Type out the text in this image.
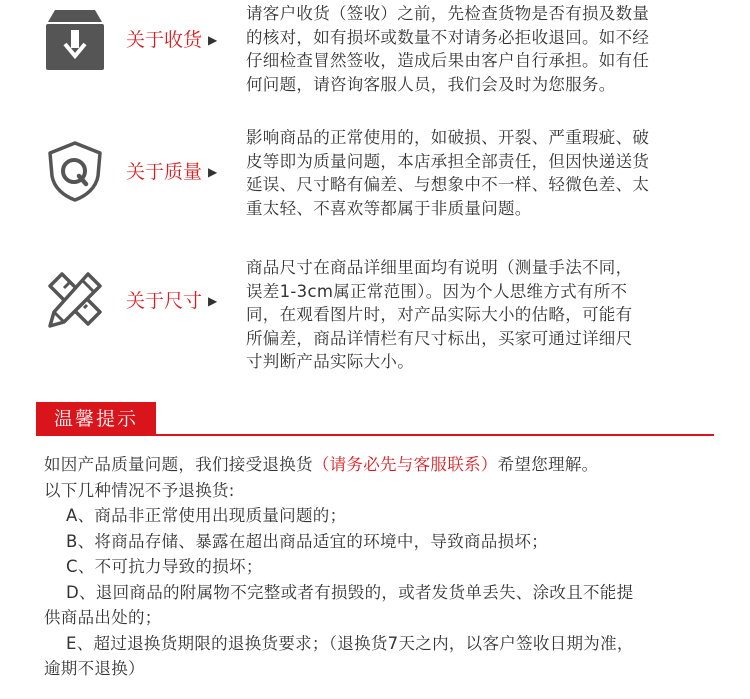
关于收货 ▶
请客户收货（签收）之前，先检查货物是否有损及数量
的核对，如有损坏或数量不对请务必拒收退回。如不经
仔细检查冒然签收，造成后果由客户自行承担。如有任
何问题，请咨询客服人员，我们会及时为您服务。
关于质量 ▶
影响商品的正常使用的，如破损、开裂、严重瑕疵、破
皮等即为质量问题，本店承担全部责任，但因快递送货
延误、尺寸略有偏差、与想象中不一样、轻微色差、太
重太轻、不喜欢等都属于非质量问题。
关于尺寸 ▶
商品尺寸在商品详细里面均有说明（测量手法不同，
误差1-3cm属正常范围）。因为个人思维方式有所不
同，在观看图片时，对产品实际大小的估略，可能有
所偏差，商品详情栏有尺寸标出，买家可通过详细尺
寸判断产品实际大小。
温馨提示
如因产品质量问题，我们接受退换货（请务必先与客服联系）希望您理解。
以下几种情况不予退换货:
A、商品非正常使用出现质量问题的；
B、将商品存储、暴露在超出商品适宜的环境中，导致商品损坏；
C、不可抗力导致的损坏；
D、退回商品的附属物不完整或者有损毁的，或者发货单丢失、涂改且不能提
供商品出处的；
E、超过退换货期限的退换货要求；（退换货7天之内，以客户签收日期为准，
逾期不退换）
